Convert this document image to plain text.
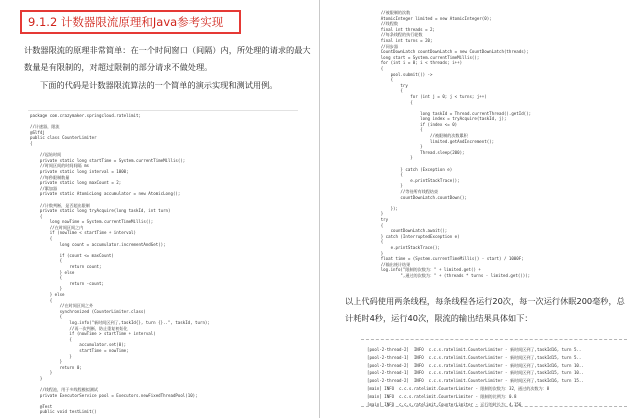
9.1.2 计数器限流原理和Java参考实现
计数器限流的原理非常简单：在一个时间窗口（间隔）内，所处理的请求的最大数量是有限制的，对超过限制的部分请求不做处理。
下面的代码是计数器限流算法的一个简单的演示实现和测试用例。
package com.crazymaker.springcloud.ratelimit;

//计速器，限流
@Slf4j
public class CounterLimiter
{

//起始时间
private static long startTime = System.currentTimeMillis();
//时间区间的时间间隔 ms
private static long interval = 1000;
//每秒限制数量
private static long maxCount = 2;
//累加器
private static AtomicLong accumulator = new AtomicLong();

//计数判断，是否超出限制
private static long tryAcquire(long taskId, int turn)
{
long nowTime = System.currentTimeMillis();
//在时间区间之内
if (nowTime < startTime + interval)
{
long count = accumulator.incrementAndGet();

if (count <= maxCount)
{
return count;
} else
{
return -count;
}
} else
{
//在时间区间之外
synchronized (CounterLimiter.class)
{
log.info("新时间区到了,taskId{}, turn {}..", taskId, turn);
//再一次判断，防止重复初始化
if (nowTime > startTime + interval)
{
accumulator.set(0);
startTime = nowTime;
}
}
return 0;
}
}

//线程池，用于多线程模拟测试
private ExecutorService pool = Executors.newFixedThreadPool(10);

@Test
public void testLimit()

//被限制的次数
AtomicInteger limited = new AtomicInteger(0);
//线程数
final int threads = 2;
//每条线程的执行轮数
final int turns = 20;
//同步器
CountDownLatch countDownLatch = new CountDownLatch(threads);
long start = System.currentTimeMillis();
for (int i = 0; i < threads; i++)
{
pool.submit(() ->
{
try
{
for (int j = 0; j < turns; j++)
{

long taskId = Thread.currentThread().getId();
long index = tryAcquire(taskId, j);
if (index <= 0)
{
//被限制的次数累积
limited.getAndIncrement();
}
Thread.sleep(200);
}

} catch (Exception e)
{
e.printStackTrace();
}
//等待所有线程结束
countDownLatch.countDown();

});
}
try
{
countDownLatch.await();
} catch (InterruptedException e)
{
e.printStackTrace();
}
float time = (System.currentTimeMillis() - start) / 1000F;
//输出统计结果
log.info("限制的次数为：" + limited.get() +
",通过的次数为：" + (threads * turns - limited.get()));

以上代码使用两条线程，每条线程各运行20次，每一次运行休眠200毫秒，总计耗时4秒，运行40次，限流的输出结果具体如下：
[pool-2-thread-2]  INFO  c.c.s.ratelimit.CounterLimiter - 新时间区到了,taskId16, turn 5..
[pool-2-thread-1]  INFO  c.c.s.ratelimit.CounterLimiter - 新时间区到了,taskId15, turn 5..
[pool-2-thread-2]  INFO  c.c.s.ratelimit.CounterLimiter - 新时间区到了,taskId16, turn 10..
[pool-2-thread-1]  INFO  c.c.s.ratelimit.CounterLimiter - 新时间区到了,taskId15, turn 10..
[pool-2-thread-2]  INFO  c.c.s.ratelimit.CounterLimiter - 新时间区到了,taskId16, turn 15..
[main] INFO  c.c.s.ratelimit.CounterLimiter - 限制的次数为：32，通过的次数为：8
[main] INFO  c.c.s.ratelimit.CounterLimiter - 限制的比例为：0.8
[main] INFO  c.c.s.ratelimit.CounterLimiter - 运行的时长为：4.156
